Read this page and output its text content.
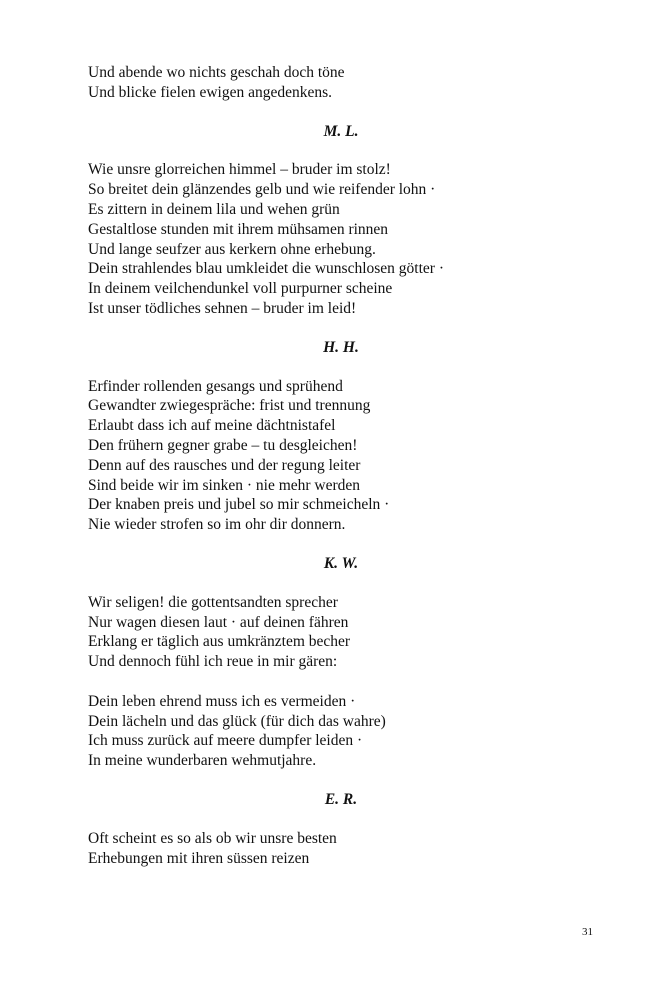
Und abende wo nichts geschah doch töne
Und blicke fielen ewigen angedenkens.
M. L.
Wie unsre glorreichen himmel – bruder im stolz!
So breitet dein glänzendes gelb und wie reifender lohn ·
Es zittern in deinem lila und wehen grün
Gestaltlose stunden mit ihrem mühsamen rinnen
Und lange seufzer aus kerkern ohne erhebung.
Dein strahlendes blau umkleidet die wunschlosen götter ·
In deinem veilchendunkel voll purpurner scheine
Ist unser tödliches sehnen – bruder im leid!
H. H.
Erfinder rollenden gesangs und sprühend
Gewandter zwiegespräche: frist und trennung
Erlaubt dass ich auf meine dächtnistafel
Den frühern gegner grabe – tu desgleichen!
Denn auf des rausches und der regung leiter
Sind beide wir im sinken · nie mehr werden
Der knaben preis und jubel so mir schmeicheln ·
Nie wieder strofen so im ohr dir donnern.
K. W.
Wir seligen! die gottentsandten sprecher
Nur wagen diesen laut · auf deinen fähren
Erklang er täglich aus umkränztem becher
Und dennoch fühl ich reue in mir gären:
Dein leben ehrend muss ich es vermeiden ·
Dein lächeln und das glück (für dich das wahre)
Ich muss zurück auf meere dumpfer leiden ·
In meine wunderbaren wehmutjahre.
E. R.
Oft scheint es so als ob wir unsre besten
Erhebungen mit ihren süssen reizen
31
